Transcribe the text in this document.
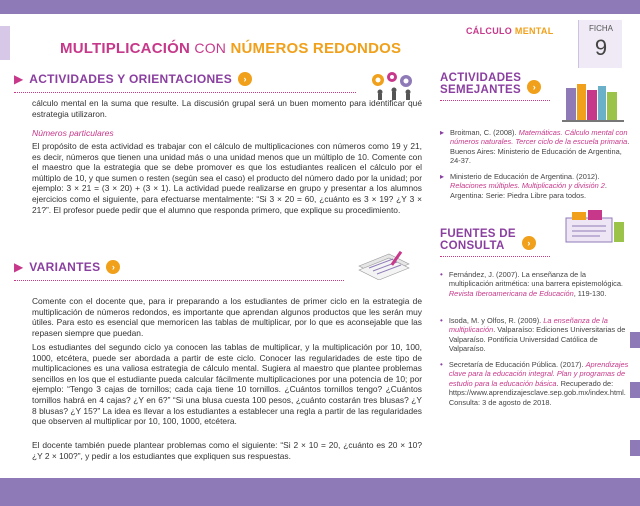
MULTIPLICACIÓN CON NÚMEROS REDONDOS
CÁLCULO MENTAL	FICHA
9
▶ ACTIVIDADES Y ORIENTACIONES	›
cálculo mental en la suma que resulte. La discusión grupal será un buen momento para identificar qué estrategia utilizaron.
Números particulares
El propósito de esta actividad es trabajar con el cálculo de multiplicaciones con números como 19 y 21, es decir, números que tienen una unidad más o una unidad menos que un múltiplo de 10. Comente con el maestro que la estrategia que se debe promover es que los estudiantes realicen el cálculo por el múltiplo de 10, y que sumen o resten (según sea el caso) el producto del número dado por la unidad; por ejemplo: 3 × 21 = (3 × 20) + (3 × 1). La actividad puede realizarse en grupo y presentar a los alumnos ejercicios como el siguiente, para efectuarse mentalmente: “Si 3 × 20 = 60, ¿cuánto es 3 × 19? ¿Y 3 × 21?”. El profesor puede pedir que el alumno que responda primero, que explique su procedimiento.
▶ VARIANTES	›
Comente con el docente que, para ir preparando a los estudiantes de primer ciclo en la estrategia de multiplicación de números redondos, es importante que aprendan algunos productos que les serán muy útiles. Para esto es esencial que memoricen las tablas de multiplicar, por lo que es aconsejable que las repasen siempre que puedan.
Los estudiantes del segundo ciclo ya conocen las tablas de multiplicar, y la multiplicación por 10, 100, 1000, etcétera, puede ser abordada a partir de este ciclo. Conocer las regularidades de este tipo de multiplicaciones es una valiosa estrategia de cálculo mental. Sugiera al maestro que plantee problemas sencillos en los que el estudiante pueda calcular fácilmente multiplicaciones por una potencia de 10; por ejemplo: “Tengo 3 cajas de tornillos; cada caja tiene 10 tornillos. ¿Cuántos tornillos tengo? ¿Cuántos tornillos habrá en 4 cajas? ¿Y en 6?” “Si una blusa cuesta 100 pesos, ¿cuánto costarán tres blusas? ¿Y 8 blusas? ¿Y 15?” La idea es llevar a los estudiantes a establecer una regla a partir de las regularidades que observen al multiplicar por 10, 100, 1000, etcétera.
El docente también puede plantear problemas como el siguiente: “Si 2 × 10 = 20, ¿cuánto es 20 × 10? ¿Y 2 × 100?”, y pedir a los estudiantes que expliquen sus respuestas.
ACTIVIDADES
SEMEJANTES	›
▸ Broitman, C. (2008). Matemáticas. Cálculo mental con números naturales. Tercer ciclo de la escuela primaria. Buenos Aires: Ministerio de Educación de Argentina, 24-37.
▸ Ministerio de Educación de Argentina. (2012). Relaciones múltiples. Multiplicación y división 2. Argentina: Serie: Piedra Libre para todos.
FUENTES DE
CONSULTA	›
• Fernández, J. (2007). La enseñanza de la multiplicación aritmética: una barrera epistemológica. Revista Iberoamericana de Educación, 119-130.
• Isoda, M. y Olfos, R. (2009). La enseñanza de la multiplicación. Valparaíso: Ediciones Universitarias de Valparaíso. Pontificia Universidad Católica de Valparaíso.
• Secretaría de Educación Pública. (2017). Aprendizajes clave para la educación integral. Plan y programas de estudio para la educación básica. Recuperado de: https://www.aprendizajesclave.sep.gob.mx/index.html. Consulta: 3 de agosto de 2018.
